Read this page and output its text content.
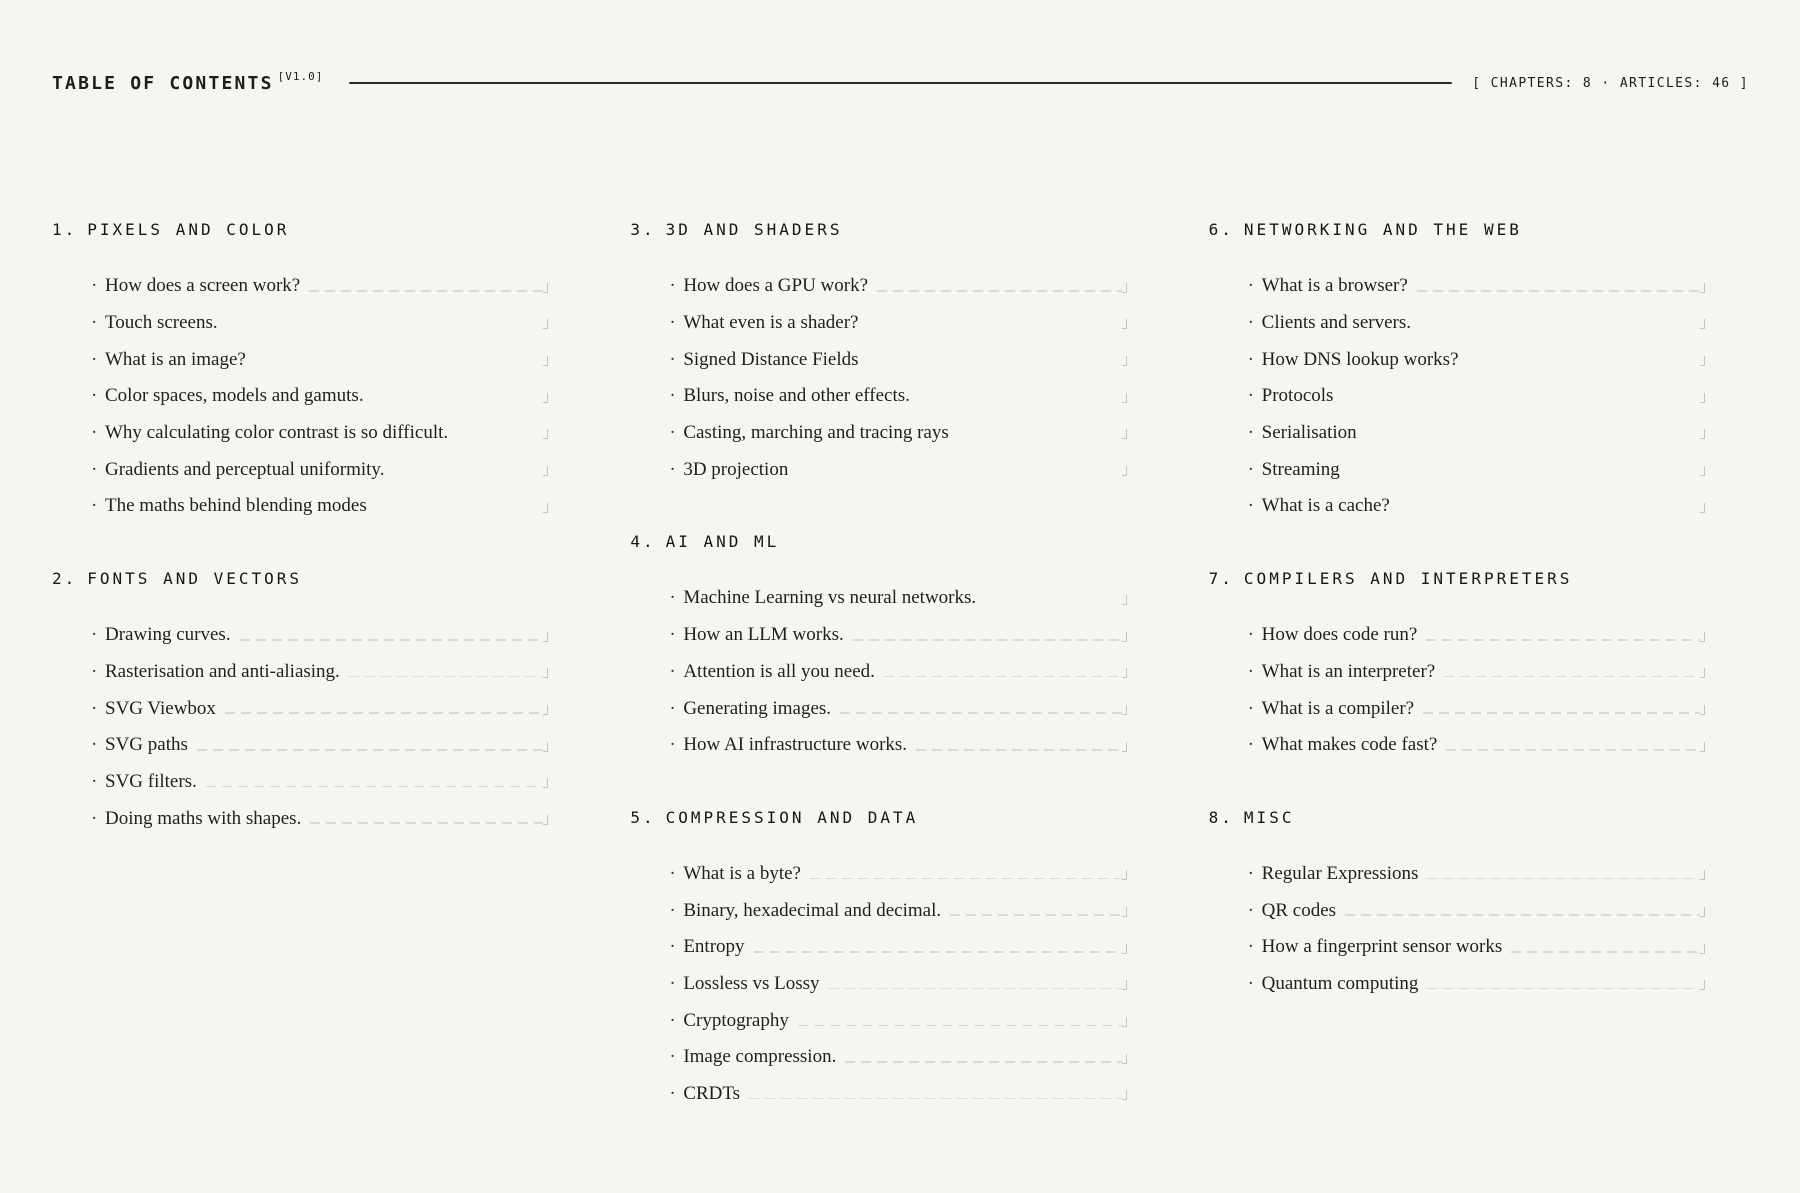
TABLE OF CONTENTS [V1.0]	[ CHAPTERS: 8 · ARTICLES: 46 ]
1. PIXELS AND COLOR
· How does a screen work?
· Touch screens.
· What is an image?
· Color spaces, models and gamuts.
· Why calculating color contrast is so difficult.
· Gradients and perceptual uniformity.
· The maths behind blending modes
2. FONTS AND VECTORS
· Drawing curves.
· Rasterisation and anti-aliasing.
· SVG Viewbox
· SVG paths
· SVG filters.
· Doing maths with shapes.
3. 3D AND SHADERS
· How does a GPU work?
· What even is a shader?
· Signed Distance Fields
· Blurs, noise and other effects.
· Casting, marching and tracing rays
· 3D projection
4. AI AND ML
· Machine Learning vs neural networks.
· How an LLM works.
· Attention is all you need.
· Generating images.
· How AI infrastructure works.
5. COMPRESSION AND DATA
· What is a byte?
· Binary, hexadecimal and decimal.
· Entropy
· Lossless vs Lossy
· Cryptography
· Image compression.
· CRDTs
6. NETWORKING AND THE WEB
· What is a browser?
· Clients and servers.
· How DNS lookup works?
· Protocols
· Serialisation
· Streaming
· What is a cache?
7. COMPILERS AND INTERPRETERS
· How does code run?
· What is an interpreter?
· What is a compiler?
· What makes code fast?
8. MISC
· Regular Expressions
· QR codes
· How a fingerprint sensor works
· Quantum computing
